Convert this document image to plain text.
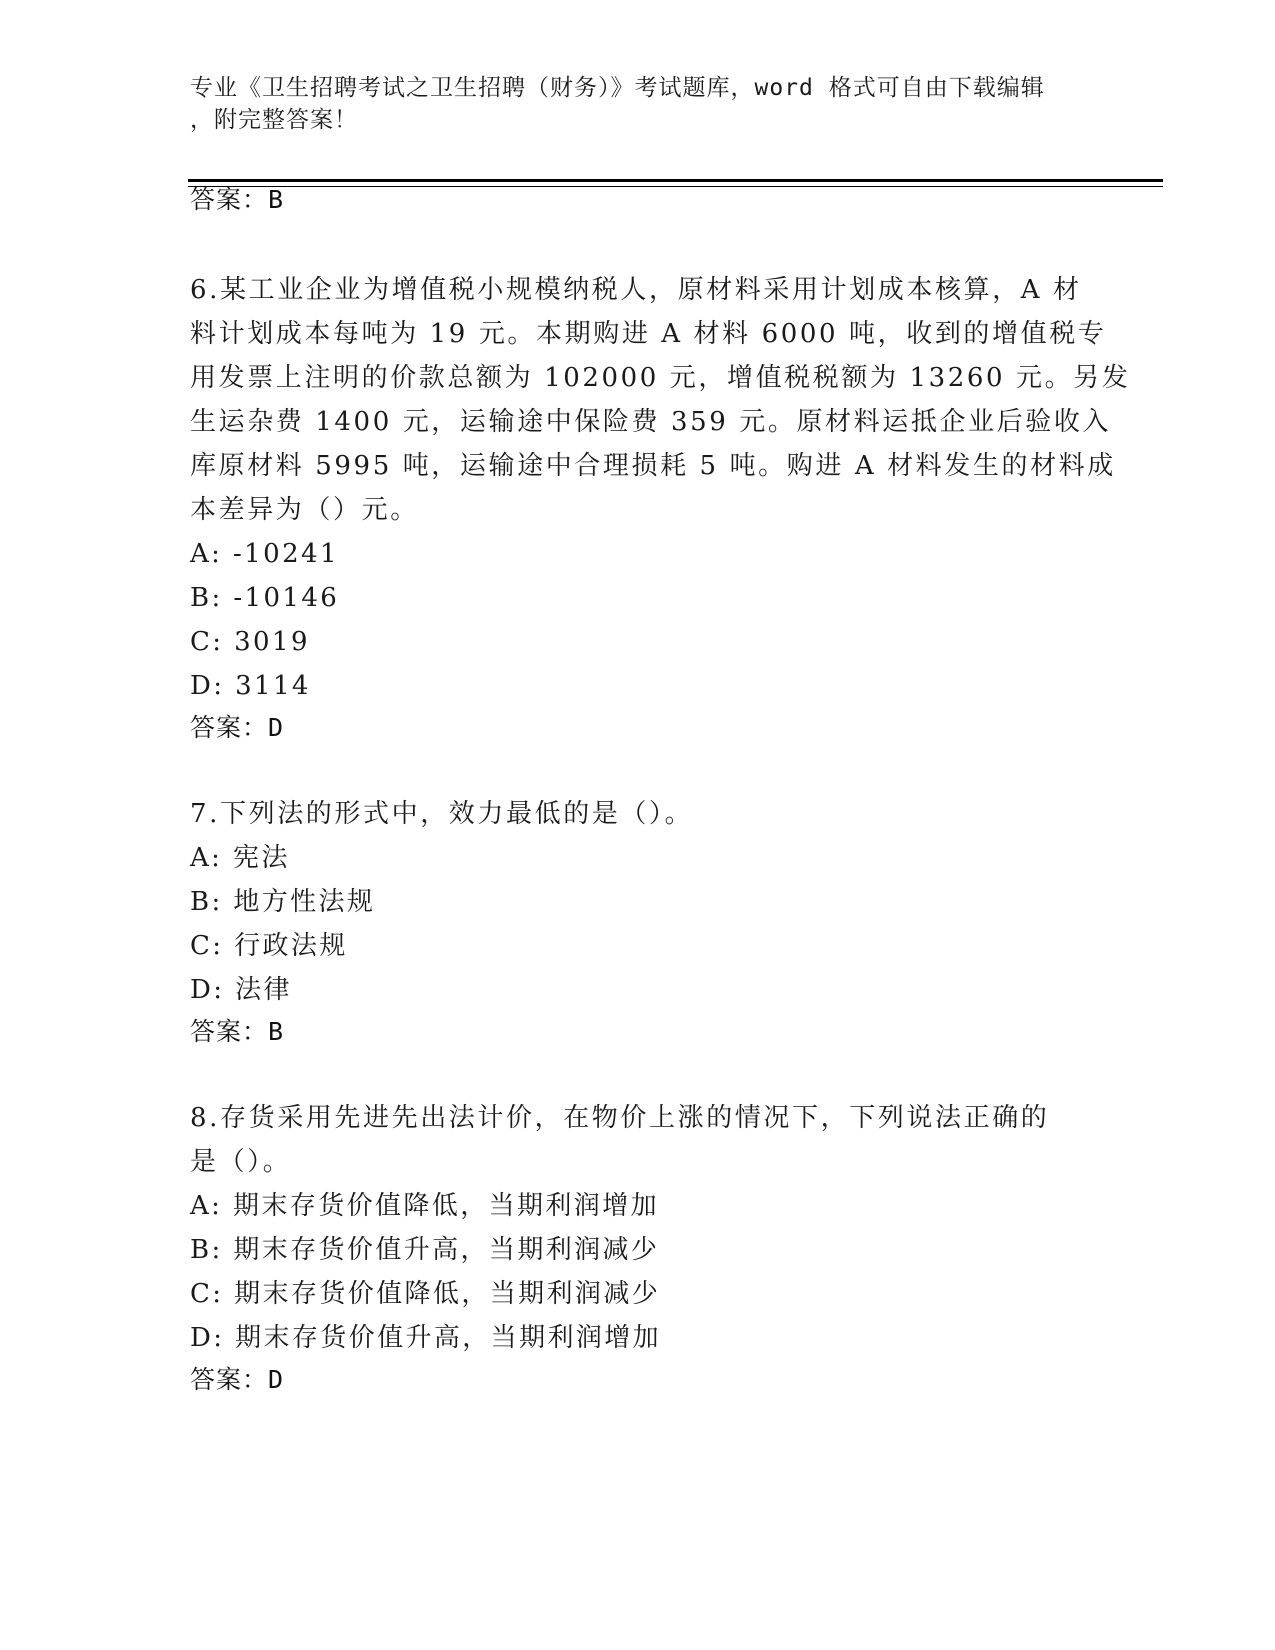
专业《卫生招聘考试之卫生招聘（财务）》考试题库，word 格式可自由下载编辑
，附完整答案！
答案：B
6.某工业企业为增值税小规模纳税人，原材料采用计划成本核算，A 材
料计划成本每吨为 19 元。本期购进 A 材料 6000 吨，收到的增值税专
用发票上注明的价款总额为 102000 元，增值税税额为 13260 元。另发
生运杂费 1400 元，运输途中保险费 359 元。原材料运抵企业后验收入
库原材料 5995 吨，运输途中合理损耗 5 吨。购进 A 材料发生的材料成
本差异为（）元。
A: -10241
B: -10146
C: 3019
D: 3114
答案：D
7.下列法的形式中，效力最低的是（）。
A: 宪法
B: 地方性法规
C: 行政法规
D: 法律
答案：B
8.存货采用先进先出法计价，在物价上涨的情况下，下列说法正确的
是（）。
A: 期末存货价值降低，当期利润增加
B: 期末存货价值升高，当期利润减少
C: 期末存货价值降低，当期利润减少
D: 期末存货价值升高，当期利润增加
答案：D
